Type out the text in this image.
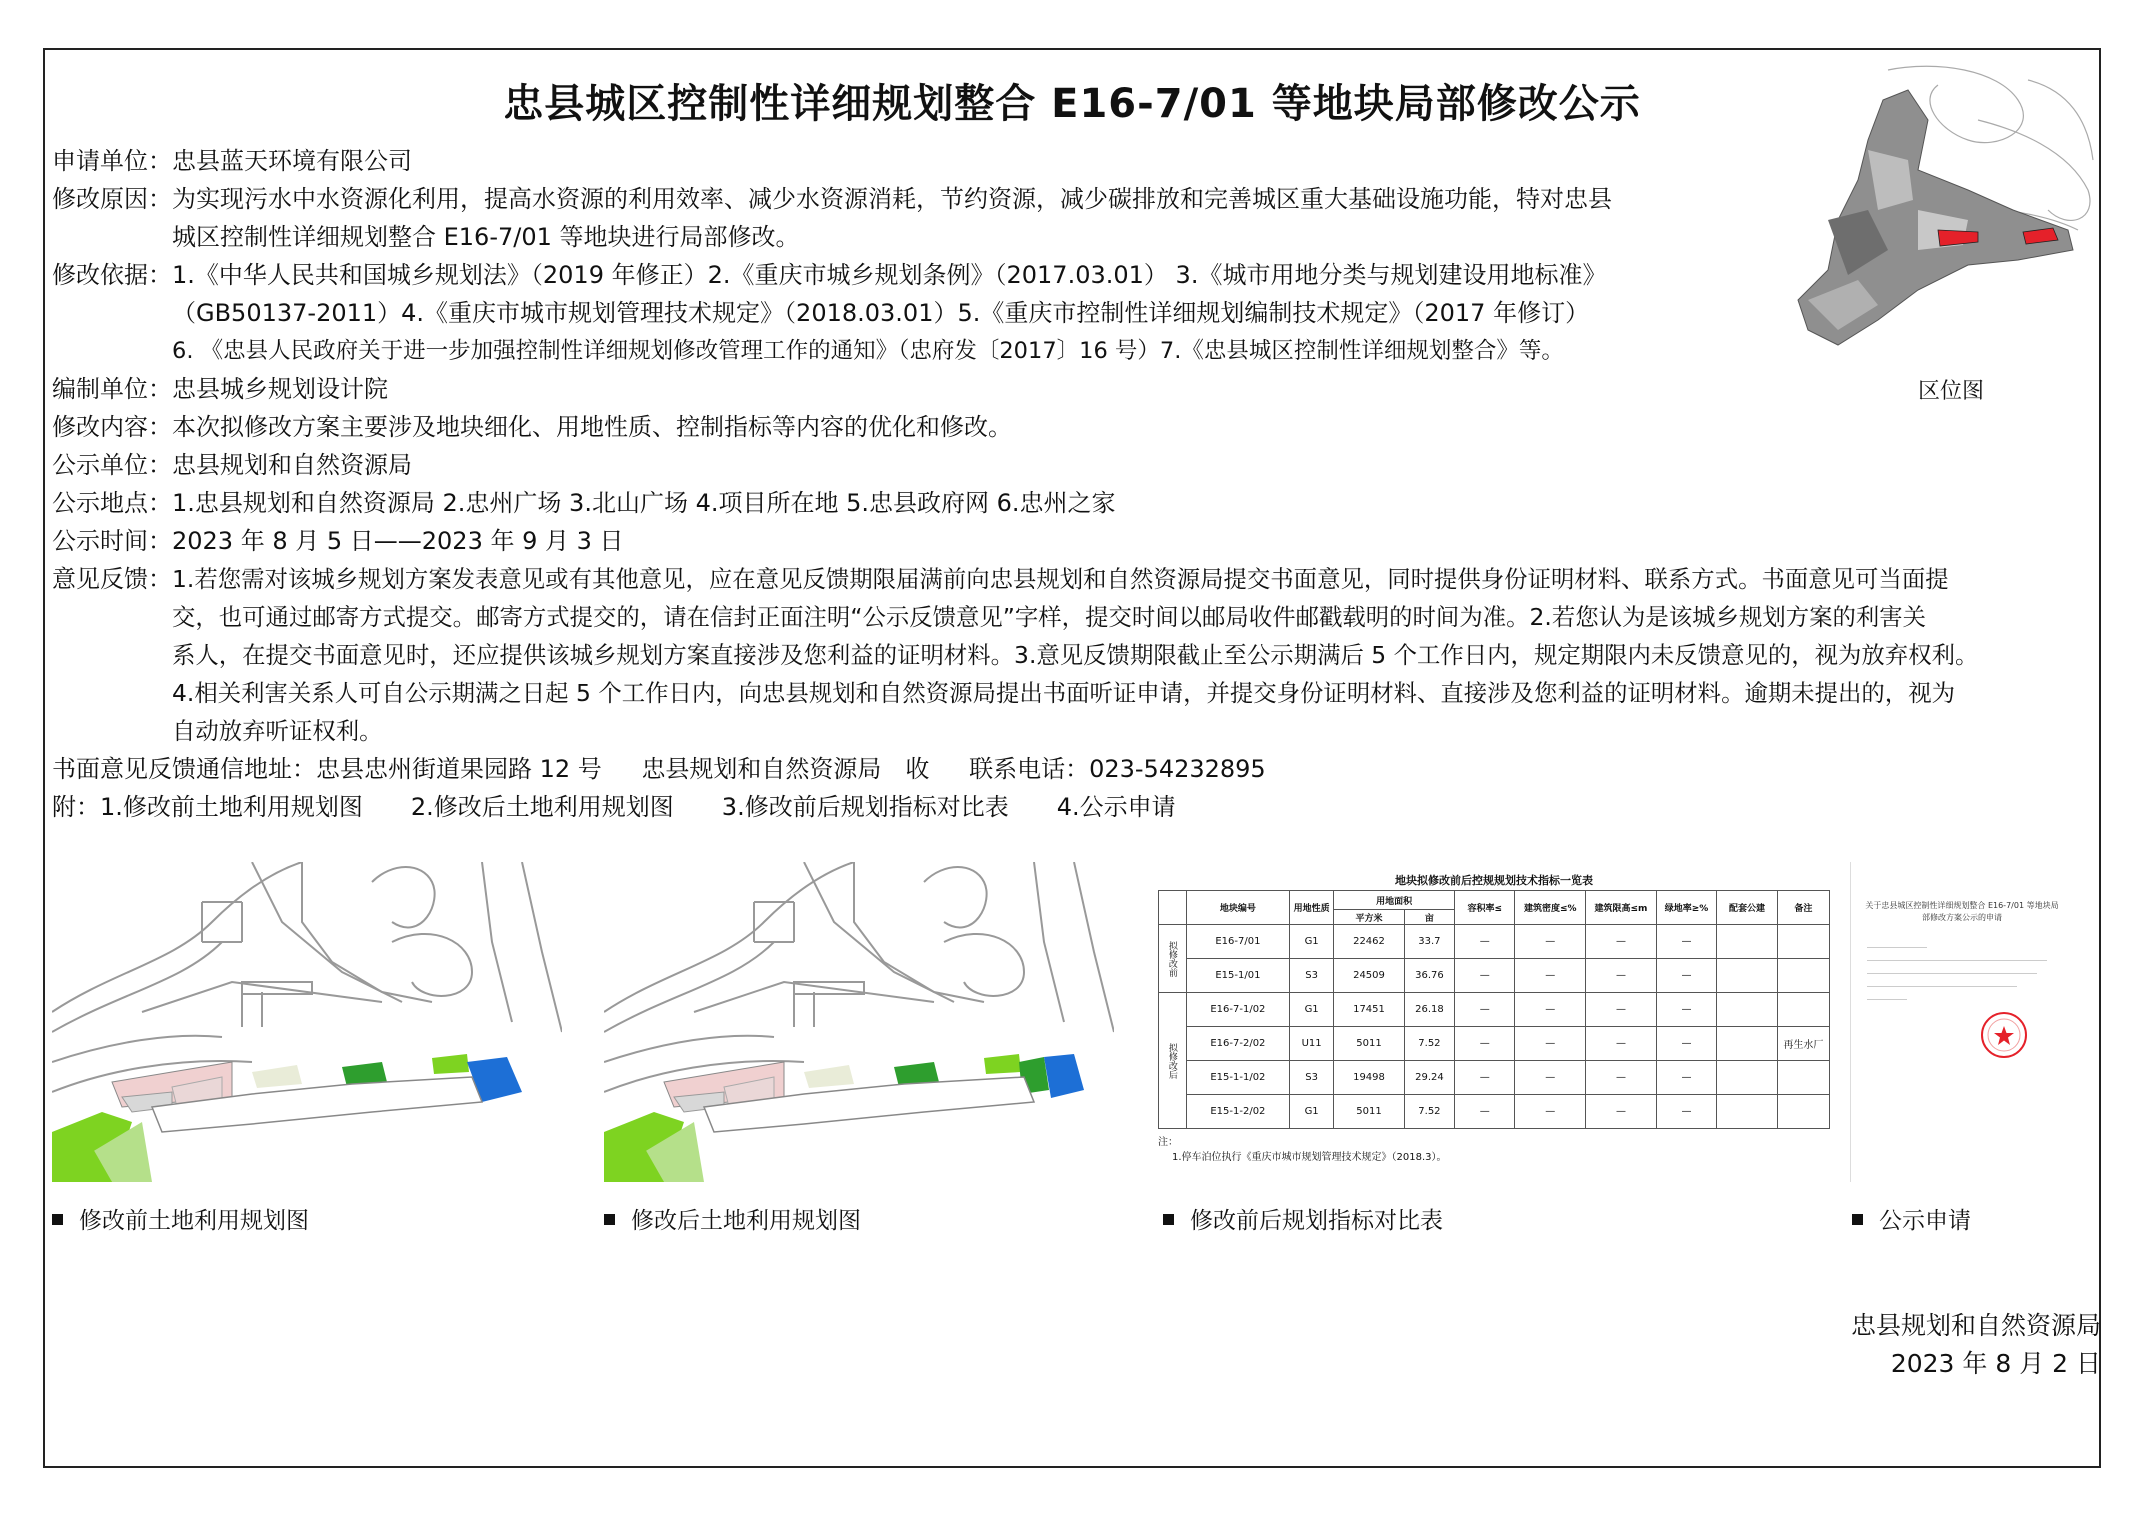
忠县城区控制性详细规划整合 E16-7/01 等地块局部修改公示
申请单位： 忠县蓝天环境有限公司
修改原因： 为实现污水中水资源化利用，提高水资源的利用效率、减少水资源消耗，节约资源，减少碳排放和完善城区重大基础设施功能，特对忠县
城区控制性详细规划整合 E16-7/01 等地块进行局部修改。
修改依据： 1.《中华人民共和国城乡规划法》（2019 年修正）2.《重庆市城乡规划条例》（2017.03.01） 3.《城市用地分类与规划建设用地标准》
（GB50137-2011）4.《重庆市城市规划管理技术规定》（2018.03.01）5.《重庆市控制性详细规划编制技术规定》（2017 年修订）
6. 《忠县人民政府关于进一步加强控制性详细规划修改管理工作的通知》（忠府发〔2017〕16 号）7.《忠县城区控制性详细规划整合》等。
编制单位： 忠县城乡规划设计院
修改内容： 本次拟修改方案主要涉及地块细化、用地性质、控制指标等内容的优化和修改。
公示单位： 忠县规划和自然资源局
公示地点： 1.忠县规划和自然资源局 2.忠州广场 3.北山广场 4.项目所在地 5.忠县政府网 6.忠州之家
公示时间： 2023 年 8 月 5 日——2023 年 9 月 3 日
意见反馈： 1.若您需对该城乡规划方案发表意见或有其他意见，应在意见反馈期限届满前向忠县规划和自然资源局提交书面意见，同时提供身份证明材料、联系方式。书面意见可当面提
交，也可通过邮寄方式提交。邮寄方式提交的，请在信封正面注明“公示反馈意见”字样，提交时间以邮局收件邮戳载明的时间为准。2.若您认为是该城乡规划方案的利害关
系人，在提交书面意见时，还应提供该城乡规划方案直接涉及您利益的证明材料。3.意见反馈期限截止至公示期满后 5 个工作日内，规定期限内未反馈意见的，视为放弃权利。
4.相关利害关系人可自公示期满之日起 5 个工作日内，向忠县规划和自然资源局提出书面听证申请，并提交身份证明材料、直接涉及您利益的证明材料。逾期未提出的，视为
自动放弃听证权利。
书面意见反馈通信地址：忠县忠州街道果园路 12 号 忠县规划和自然资源局　收 联系电话：023-54232895
附：1.修改前土地利用规划图　　2.修改后土地利用规划图　　3.修改前后规划指标对比表　　4.公示申请
区位图
地块拟修改前后控规规划技术指标一览表
	地块编号	用地性质	用地面积		容积率≤	建筑密度≤%	建筑限高≤m	绿地率≥%	配套公建	备注
			平方米	亩						
拟修改前	E16-7/01	G1	22462	33.7	—	—	—	—		
	E15-1/01	S3	24509	36.76	—	—	—	—		
拟修改后	E16-7-1/02	G1	17451	26.18	—	—	—	—		
	E16-7-2/02	U11	5011	7.52	—	—	—	—		再生水厂
	E15-1-1/02	S3	19498	29.24	—	—	—	—		
	E15-1-2/02	G1	5011	7.52	—	—	—	—		
注：
1.停车泊位执行《重庆市城市规划管理技术规定》（2018.3）。
关于忠县城区控制性详细规划整合 E16-7/01 等地块局部修改方案公示的申请
修改前土地利用规划图	修改后土地利用规划图	修改前后规划指标对比表	公示申请
忠县规划和自然资源局
2023 年 8 月 2 日
